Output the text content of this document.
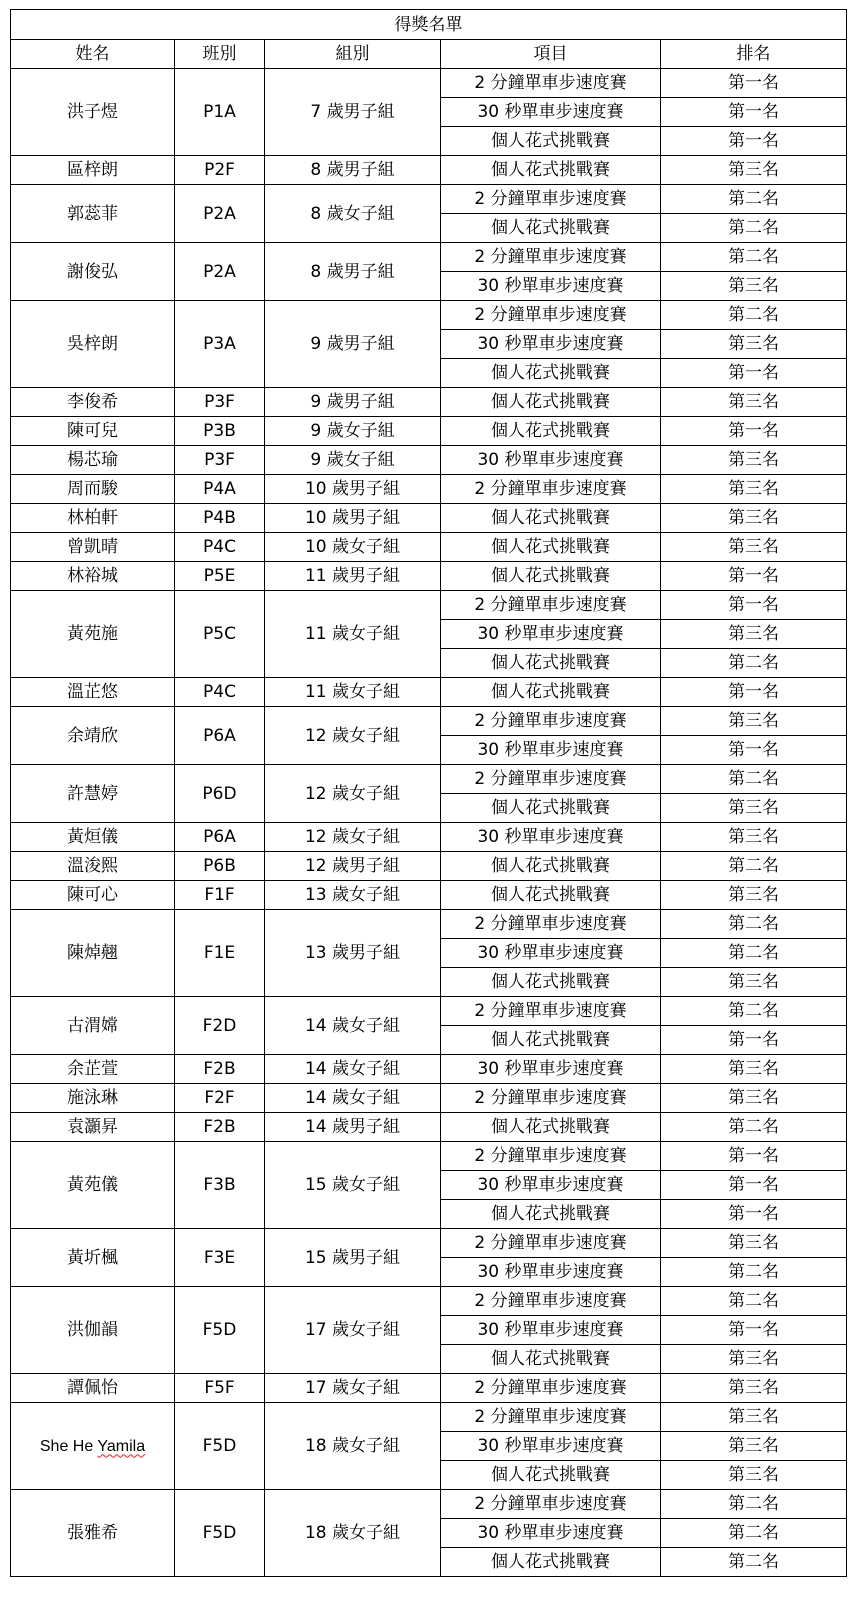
得獎名單				
姓名	班別	組別	項目	排名
洪子煜	P1A	7 歲男子組	2 分鐘單車步速度賽	第一名
			30 秒單車步速度賽	第一名
			個人花式挑戰賽	第一名
區梓朗	P2F	8 歲男子組	個人花式挑戰賽	第三名
郭蕊菲	P2A	8 歲女子組	2 分鐘單車步速度賽	第二名
			個人花式挑戰賽	第二名
謝俊弘	P2A	8 歲男子組	2 分鐘單車步速度賽	第二名
			30 秒單車步速度賽	第三名
吳梓朗	P3A	9 歲男子組	2 分鐘單車步速度賽	第二名
			30 秒單車步速度賽	第三名
			個人花式挑戰賽	第一名
李俊希	P3F	9 歲男子組	個人花式挑戰賽	第三名
陳可兒	P3B	9 歲女子組	個人花式挑戰賽	第一名
楊芯瑜	P3F	9 歲女子組	30 秒單車步速度賽	第三名
周而駿	P4A	10 歲男子組	2 分鐘單車步速度賽	第三名
林柏軒	P4B	10 歲男子組	個人花式挑戰賽	第三名
曾凱晴	P4C	10 歲女子組	個人花式挑戰賽	第三名
林裕城	P5E	11 歲男子組	個人花式挑戰賽	第一名
黃苑施	P5C	11 歲女子組	2 分鐘單車步速度賽	第一名
			30 秒單車步速度賽	第三名
			個人花式挑戰賽	第二名
溫芷悠	P4C	11 歲女子組	個人花式挑戰賽	第一名
余靖欣	P6A	12 歲女子組	2 分鐘單車步速度賽	第三名
			30 秒單車步速度賽	第一名
許慧婷	P6D	12 歲女子組	2 分鐘單車步速度賽	第二名
			個人花式挑戰賽	第三名
黃烜儀	P6A	12 歲女子組	30 秒單車步速度賽	第三名
溫浚熙	P6B	12 歲男子組	個人花式挑戰賽	第二名
陳可心	F1F	13 歲女子組	個人花式挑戰賽	第三名
陳焯翹	F1E	13 歲男子組	2 分鐘單車步速度賽	第二名
			30 秒單車步速度賽	第二名
			個人花式挑戰賽	第三名
古渭嫦	F2D	14 歲女子組	2 分鐘單車步速度賽	第二名
			個人花式挑戰賽	第一名
余芷萱	F2B	14 歲女子組	30 秒單車步速度賽	第三名
施泳琳	F2F	14 歲女子組	2 分鐘單車步速度賽	第三名
袁灝昇	F2B	14 歲男子組	個人花式挑戰賽	第二名
黃苑儀	F3B	15 歲女子組	2 分鐘單車步速度賽	第一名
			30 秒單車步速度賽	第一名
			個人花式挑戰賽	第一名
黃圻楓	F3E	15 歲男子組	2 分鐘單車步速度賽	第三名
			30 秒單車步速度賽	第二名
洪伽韻	F5D	17 歲女子組	2 分鐘單車步速度賽	第二名
			30 秒單車步速度賽	第一名
			個人花式挑戰賽	第三名
譚佩怡	F5F	17 歲女子組	2 分鐘單車步速度賽	第三名
She He Yamila	F5D	18 歲女子組	2 分鐘單車步速度賽	第三名
			30 秒單車步速度賽	第三名
			個人花式挑戰賽	第三名
張雅希	F5D	18 歲女子組	2 分鐘單車步速度賽	第二名
			30 秒單車步速度賽	第二名
			個人花式挑戰賽	第二名
